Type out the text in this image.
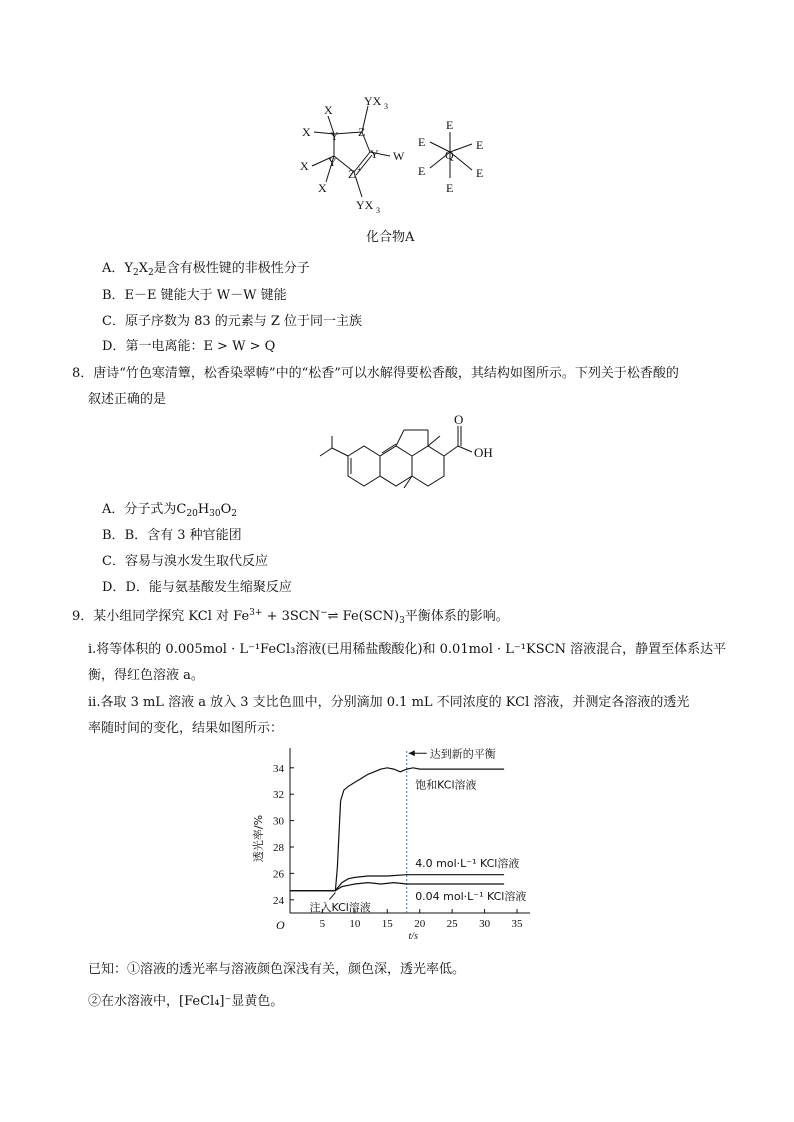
X
X Y Z
YX 3
Y W
X Y
X
Z +
YX 3
E
E	E
Q −
E	E
E
化合物A
A．$Y_2X_2$是含有极性键的非极性分子
B．E－E 键能大于 W－W 键能
C．原子序数为 83 的元素与 Z 位于同一主族
D．第一电离能：E > W > Q
8．唐诗“竹色寒清簟，松香染翠帱”中的“松香”可以水解得要松香酸，其结构如图所示。下列关于松香酸的
叙述正确的是
O
OH
A．分子式为$C_{20}H_{30}O_2$
B．B．含有 3 种官能团
C．容易与溴水发生取代反应
D．D．能与氨基酸发生缩聚反应
9．某小组同学探究 KCl 对 $Fe^{3+}$ + 3SCN−⇌ $Fe(SCN)_3$平衡体系的影响。
i.将等体积的 0.005mol · L⁻¹FeCl₃溶液(已用稀盐酸酸化)和 0.01mol · L⁻¹KSCN 溶液混合，静置至体系达平
衡，得红色溶液 a。
ii.各取 3 mL 溶液 a 放入 3 支比色皿中，分别滴加 0.1 mL 不同浓度的 KCl 溶液，并测定各溶液的透光
率随时间的变化，结果如图所示：
5 10 15 20 25 30 35
24
26
28
30
32
34
O
t/s
透光率/%
饱和KCl溶液
4.0 mol·L⁻¹ KCl溶液
0.04 mol·L⁻¹ KCl溶液
达到新的平衡
注入KCl溶液
已知：①溶液的透光率与溶液颜色深浅有关，颜色深，透光率低。
②在水溶液中，[FeCl₄]⁻显黄色。
